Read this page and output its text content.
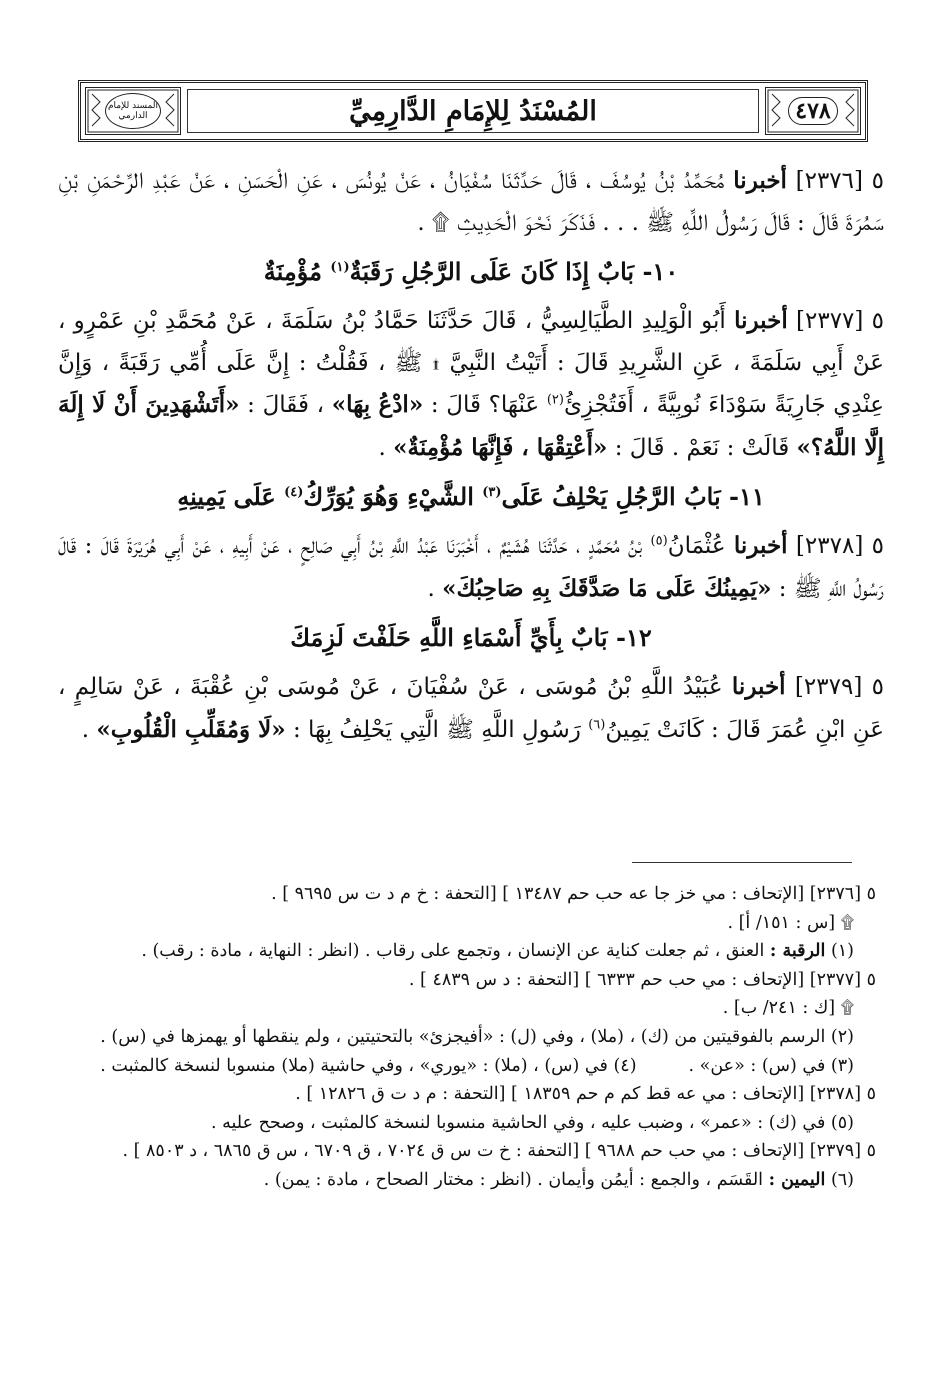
٤٧٨
المُسْنَدُ لِلإِمَامِ الدَّارِمِيِّ
المسند للإمام الدارمي

٥ [٢٣٧٦] أخبرنا مُحَمَّدُ بْنُ يُوسُفَ ، قَالَ حَدَّثَنَا سُفْيَانُ ، عَنْ يُونُسَ ، عَنِ الْحَسَنِ ، عَنْ عَبْدِ الرَّحْمَنِ بْنِ سَمُرَةَ قَالَ : قَالَ رَسُولُ اللَّهِ ﷺ . . . فَذَكَرَ نَحْوَ الْحَدِيثِ ۩ .

١٠- بَابٌ إِذَا كَانَ عَلَى الرَّجُلِ رَقَبَةٌ$^{(١)}$ مُؤْمِنَةٌ

٥ [٢٣٧٧] أخبرنا أَبُو الْوَلِيدِ الطَّيَالِسِيُّ ، قَالَ حَدَّثَنَا حَمَّادُ بْنُ سَلَمَةَ ، عَنْ مُحَمَّدِ بْنِ عَمْرٍو ، عَنْ أَبِي سَلَمَةَ ، عَنِ الشَّرِيدِ قَالَ : أَتَيْتُ النَّبِيَّ ۩ ﷺ ، فَقُلْتُ : إِنَّ عَلَى أُمِّي رَقَبَةً ، وَإِنَّ عِنْدِي جَارِيَةً سَوْدَاءَ نُوبِيَّةً ، أَفَتُجْزِئُ$^{(٢)}$ عَنْهَا؟ قَالَ : «ادْعُ بِهَا» ، فَقَالَ : «أَتَشْهَدِينَ أَنْ لَا إِلَهَ إِلَّا اللَّهُ؟» قَالَتْ : نَعَمْ . قَالَ : «أَعْتِقْهَا ، فَإِنَّهَا مُؤْمِنَةٌ» .

١١- بَابُ الرَّجُلِ يَحْلِفُ عَلَى$^{(٣)}$ الشَّيْءِ وَهُوَ يُوَرِّكُ$^{(٤)}$ عَلَى يَمِينِهِ

٥ [٢٣٧٨] أخبرنا عُثْمَانُ$^{(٥)}$ بْنُ مُحَمَّدٍ ، حَدَّثَنَا هُشَيْمٌ ، أَخْبَرَنَا عَبْدُ اللَّهِ بْنُ أَبِي صَالِحٍ ، عَنْ أَبِيهِ ، عَنْ أَبِي هُرَيْرَةَ قَالَ : قَالَ رَسُولُ اللَّهِ ﷺ : «يَمِينُكَ عَلَى مَا صَدَّقَكَ بِهِ صَاحِبُكَ» .

١٢- بَابٌ بِأَيِّ أَسْمَاءِ اللَّهِ حَلَفْتَ لَزِمَكَ

٥ [٢٣٧٩] أخبرنا عُبَيْدُ اللَّهِ بْنُ مُوسَى ، عَنْ سُفْيَانَ ، عَنْ مُوسَى بْنِ عُقْبَةَ ، عَنْ سَالِمٍ ، عَنِ ابْنِ عُمَرَ قَالَ : كَانَتْ يَمِينُ$^{(٦)}$ رَسُولِ اللَّهِ ﷺ الَّتِي يَحْلِفُ بِهَا : «لَا وَمُقَلِّبِ الْقُلُوبِ» .

٥ [٢٣٧٦] [الإتحاف : مي خز جا عه حب حم ١٣٤٨٧ ] [التحفة : خ م د ت س ٩٦٩٥ ] .

۩ [س : ١٥١/ أ] .

(١) الرقبة : العنق ، ثم جعلت كناية عن الإنسان ، وتجمع على رقاب . (انظر : النهاية ، مادة : رقب) .

٥ [٢٣٧٧] [الإتحاف : مي حب حم ٦٣٣٣ ] [التحفة : د س ٤٨٣٩ ] .

۩ [ك : ٢٤١/ ب] .

(٢) الرسم بالفوقيتين من (ك) ، (ملا) ، وفي (ل) : «أفيجزئ» بالتحتيتين ، ولم ينقطها أو يهمزها في (س) .

(٣) في (س) : «عن» .
(٤) في (س) ، (ملا) : «يوري» ، وفي حاشية (ملا) منسوبا لنسخة كالمثبت .

٥ [٢٣٧٨] [الإتحاف : مي عه قط كم م حم ١٨٣٥٩ ] [التحفة : م د ت ق ١٢٨٢٦ ] .

(٥) في (ك) : «عمر» ، وضبب عليه ، وفي الحاشية منسوبا لنسخة كالمثبت ، وصحح عليه .

٥ [٢٣٧٩] [الإتحاف : مي حب حم ٩٦٨٨ ] [التحفة : خ ت س ق ٧٠٢٤ ، ق ٦٧٠٩ ، س ق ٦٨٦٥ ، د ٨٥٠٣ ] .

(٦) اليمين : القَسَم ، والجمع : أيمُن وأيمان . (انظر : مختار الصحاح ، مادة : يمن) .
